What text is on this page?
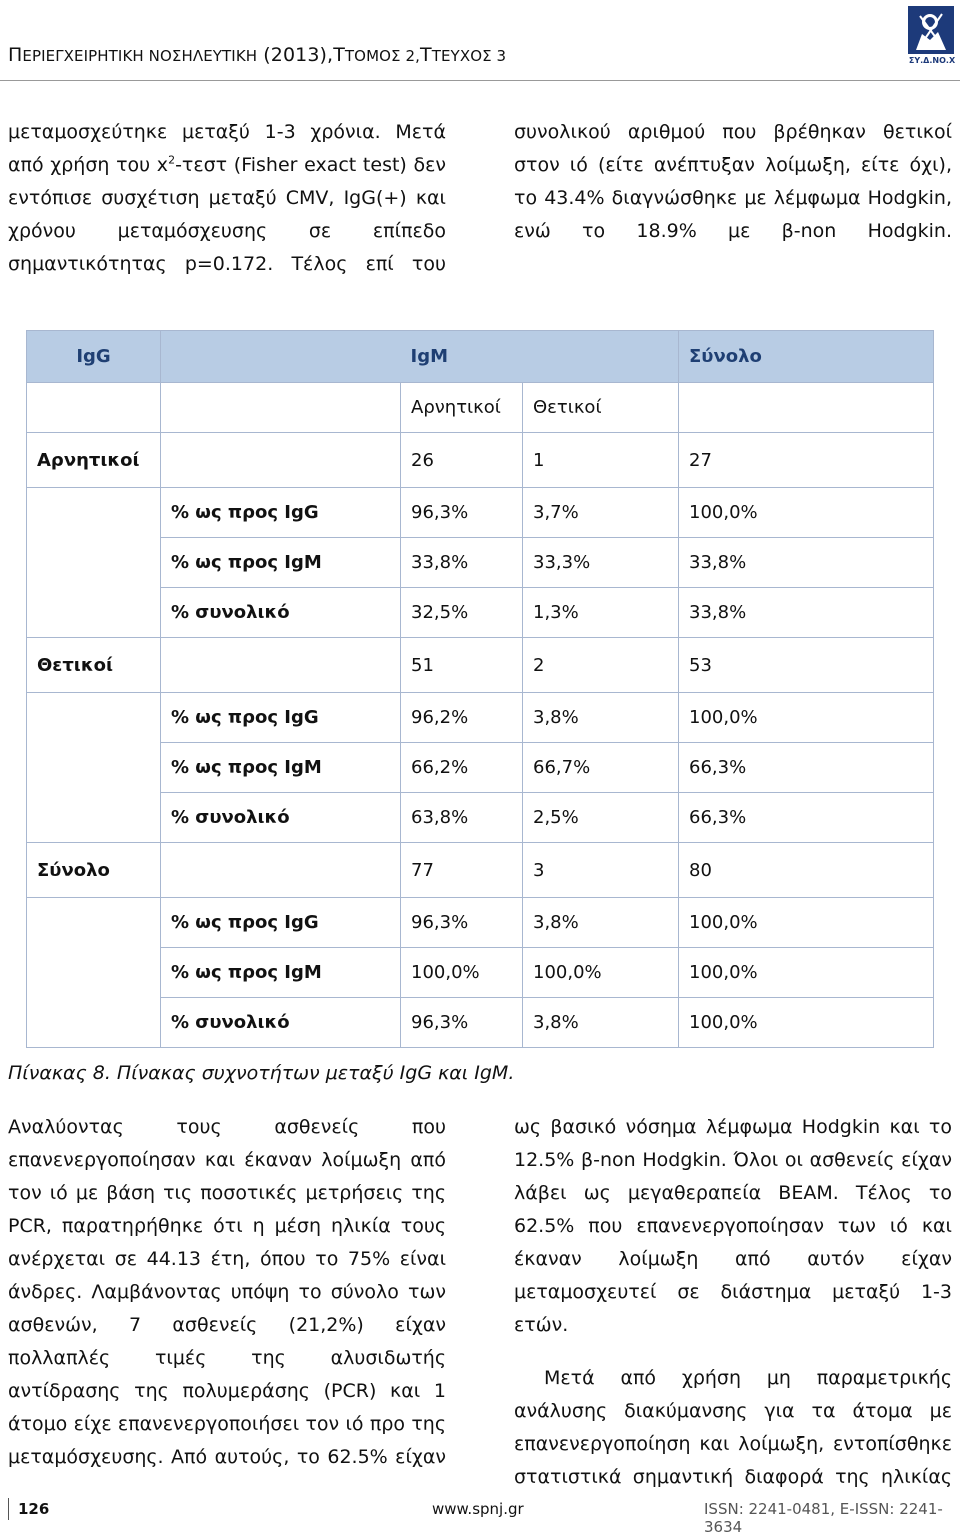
ΠΕΡΙΕΓΧΕΙΡΗΤΙΚΗ ΝΟΣΗΛΕΥΤΙΚΗ (2013),ΤΤΟΜΟΣ 2,ΤΤΕΥΧΟΣ 3	ΣΥ.Δ.ΝΟ.Χ

μεταμοσχεύτηκε μεταξύ 1-3 χρόνια. Μετά από χρήση του $x^2$-τεστ (Fisher exact test) δεν εντόπισε συσχέτιση μεταξύ CMV, IgG(+) και χρόνου μεταμόσχευσης σε επίπεδο σημαντικότητας p=0.172. Τέλος επί του

συνολικού αριθμού που βρέθηκαν θετικοί στον ιό (είτε ανέπτυξαν λοίμωξη, είτε όχι), το 43.4% διαγνώσθηκε με λέμφωμα Hodgkin, ενώ το 18.9% με β-non Hodgkin.

IgG		IgM		Σύνολο
		Αρνητικοί	Θετικοί	
Αρνητικοί		26	1	27
	% ως προς IgG	96,3%	3,7%	100,0%
	% ως προς IgM	33,8%	33,3%	33,8%
	% συνολικό	32,5%	1,3%	33,8%
Θετικοί		51	2	53
	% ως προς IgG	96,2%	3,8%	100,0%
	% ως προς IgM	66,2%	66,7%	66,3%
	% συνολικό	63,8%	2,5%	66,3%
Σύνολο		77	3	80
	% ως προς IgG	96,3%	3,8%	100,0%
	% ως προς IgM	100,0%	100,0%	100,0%
	% συνολικό	96,3%	3,8%	100,0%
Πίνακας 8. Πίνακας συχνοτήτων μεταξύ IgG και IgM.

Αναλύοντας τους ασθενείς που επανενεργοποίησαν και έκαναν λοίμωξη από τον ιό με βάση τις ποσοτικές μετρήσεις της PCR, παρατηρήθηκε ότι η μέση ηλικία τους ανέρχεται σε 44.13 έτη, όπου το 75% είναι άνδρες. Λαμβάνοντας υπόψη το σύνολο των ασθενών, 7 ασθενείς (21,2%) είχαν πολλαπλές τιμές της αλυσιδωτής αντίδρασης της πολυμεράσης (PCR) και 1 άτομο είχε επανενεργοποιήσει τον ιό προ της μεταμόσχευσης. Από αυτούς, το 62.5% είχαν

ως βασικό νόσημα λέμφωμα Hodgkin και το 12.5% β-non Hodgkin. Όλοι οι ασθενείς είχαν λάβει ως μεγαθεραπεία BEAM. Τέλος το 62.5% που επανενεργοποίησαν των ιό και έκαναν λοίμωξη από αυτόν είχαν μεταμοσχευτεί σε διάστημα μεταξύ 1-3 ετών.

Μετά από χρήση μη παραμετρικής ανάλυσης διακύμανσης για τα άτομα με επανενεργοποίηση και λοίμωξη, εντοπίσθηκε στατιστικά σημαντική διαφορά της ηλικίας

126	www.spnj.gr	ISSN: 2241-0481, E-ISSN: 2241-3634
